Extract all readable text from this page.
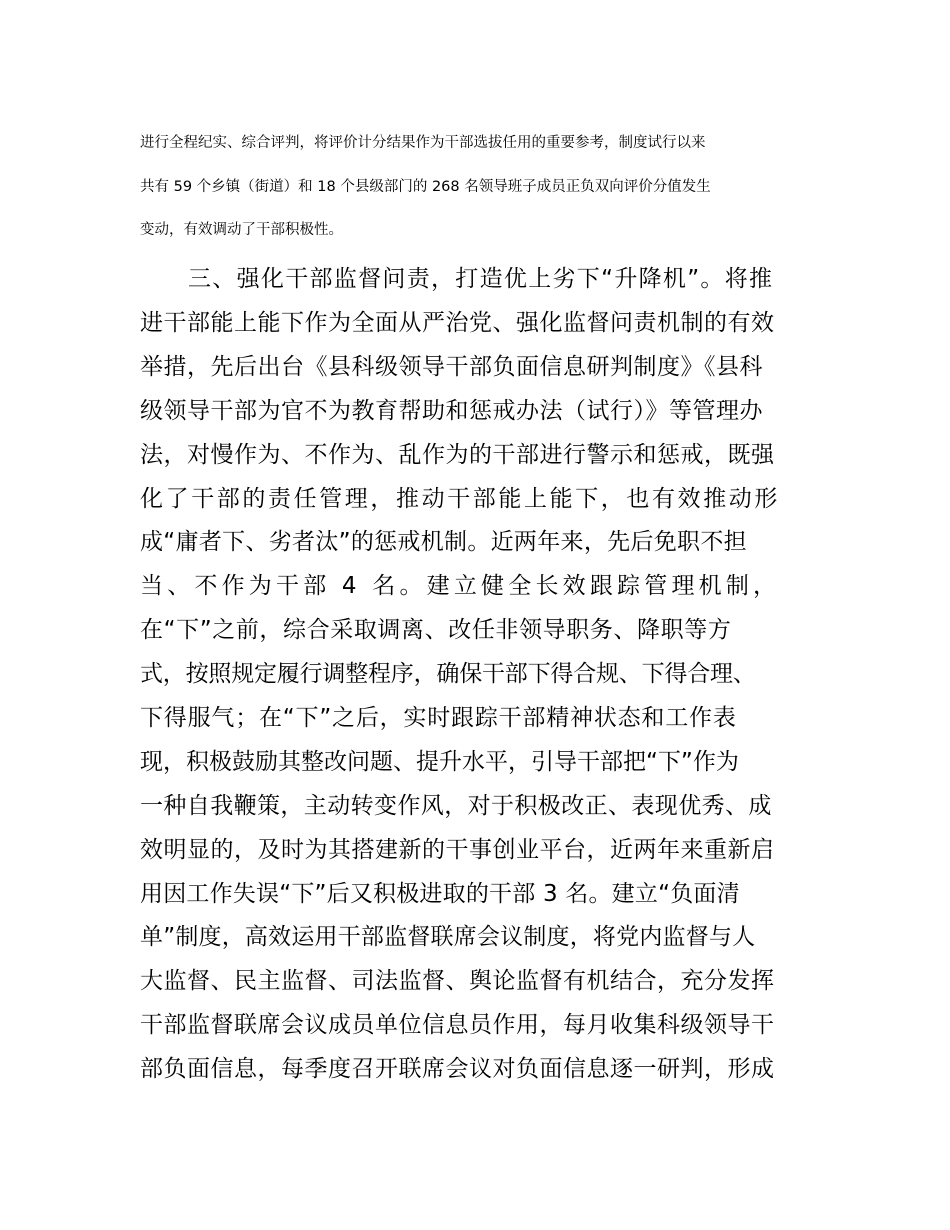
进行全程纪实、综合评判，将评价计分结果作为干部选拔任用的重要参考，制度试行以来

共有 59 个乡镇（街道）和 18 个县级部门的 268 名领导班子成员正负双向评价分值发生

变动，有效调动了干部积极性。

三、强化干部监督问责，打造优上劣下“升降机”。将推

进干部能上能下作为全面从严治党、强化监督问责机制的有效

举措，先后出台《县科级领导干部负面信息研判制度》《县科

级领导干部为官不为教育帮助和惩戒办法（试行）》等管理办

法，对慢作为、不作为、乱作为的干部进行警示和惩戒，既强

化了干部的责任管理，推动干部能上能下，也有效推动形

成“庸者下、劣者汰”的惩戒机制。近两年来，先后免职不担

当、不作为干部 4 名。建立健全长效跟踪管理机制，

在“下”之前，综合采取调离、改任非领导职务、降职等方

式，按照规定履行调整程序，确保干部下得合规、下得合理、

下得服气；在“下”之后，实时跟踪干部精神状态和工作表

现，积极鼓励其整改问题、提升水平，引导干部把“下”作为

一种自我鞭策，主动转变作风，对于积极改正、表现优秀、成

效明显的，及时为其搭建新的干事创业平台，近两年来重新启

用因工作失误“下”后又积极进取的干部 3 名。建立“负面清

单”制度，高效运用干部监督联席会议制度，将党内监督与人

大监督、民主监督、司法监督、舆论监督有机结合，充分发挥

干部监督联席会议成员单位信息员作用，每月收集科级领导干

部负面信息，每季度召开联席会议对负面信息逐一研判，形成
